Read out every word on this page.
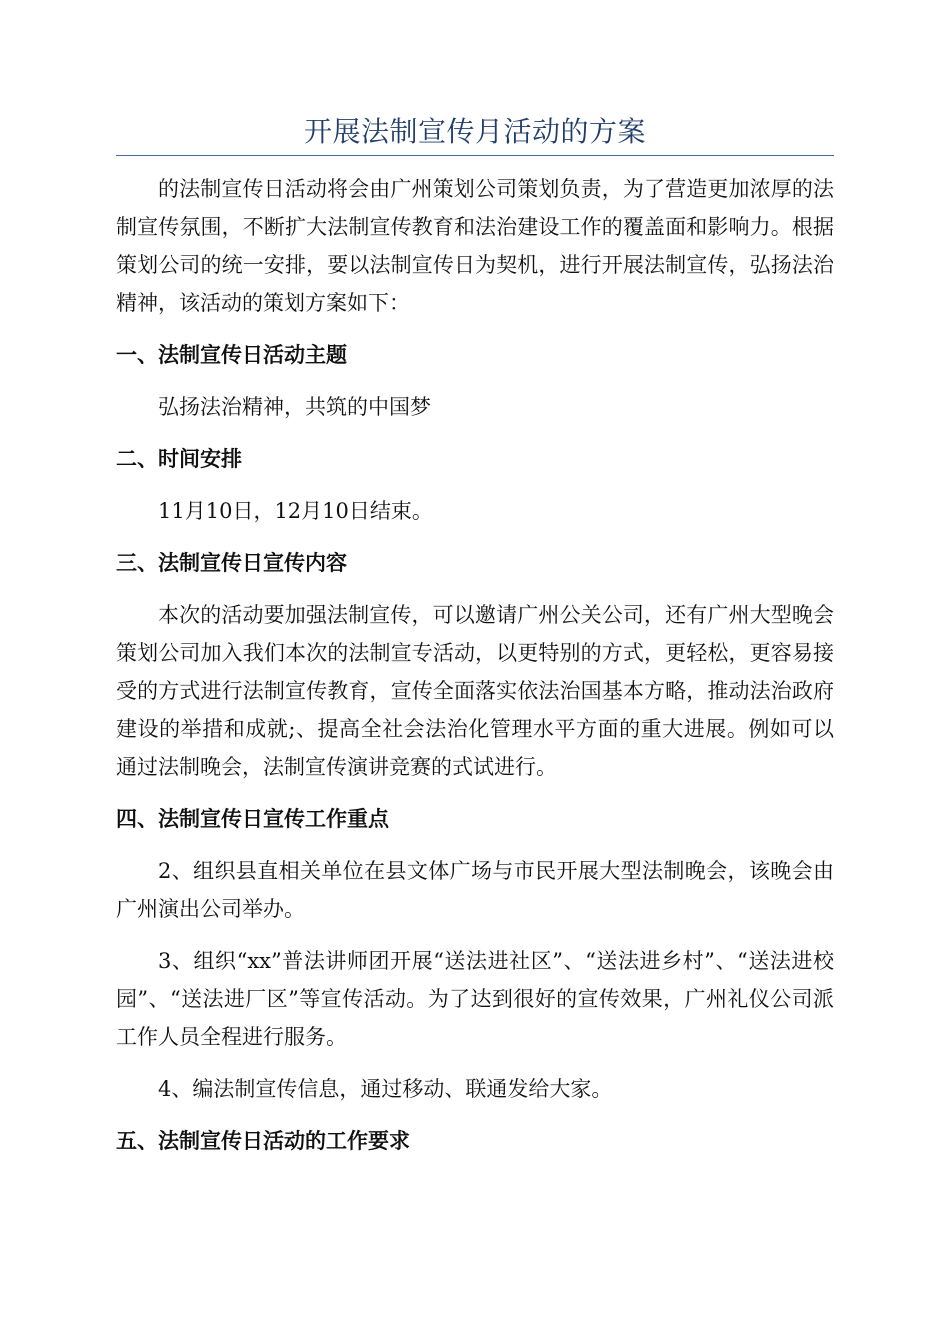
开展法制宣传月活动的方案

的法制宣传日活动将会由广州策划公司策划负责，为了营造更加浓厚的法制宣传氛围，不断扩大法制宣传教育和法治建设工作的覆盖面和影响力。根据策划公司的统一安排，要以法制宣传日为契机，进行开展法制宣传，弘扬法治精神，该活动的策划方案如下：

一、法制宣传日活动主题

弘扬法治精神，共筑的中国梦

二、时间安排

11月10日，12月10日结束。

三、法制宣传日宣传内容

本次的活动要加强法制宣传，可以邀请广州公关公司，还有广州大型晚会策划公司加入我们本次的法制宣专活动，以更特别的方式，更轻松，更容易接受的方式进行法制宣传教育，宣传全面落实依法治国基本方略，推动法治政府建设的举措和成就;、提高全社会法治化管理水平方面的重大进展。例如可以通过法制晚会，法制宣传演讲竞赛的式试进行。

四、法制宣传日宣传工作重点

2、组织县直相关单位在县文体广场与市民开展大型法制晚会，该晚会由广州演出公司举办。

3、组织“xx”普法讲师团开展“送法进社区”、“送法进乡村”、“送法进校园”、“送法进厂区”等宣传活动。为了达到很好的宣传效果，广州礼仪公司派工作人员全程进行服务。

4、编法制宣传信息，通过移动、联通发给大家。

五、法制宣传日活动的工作要求
